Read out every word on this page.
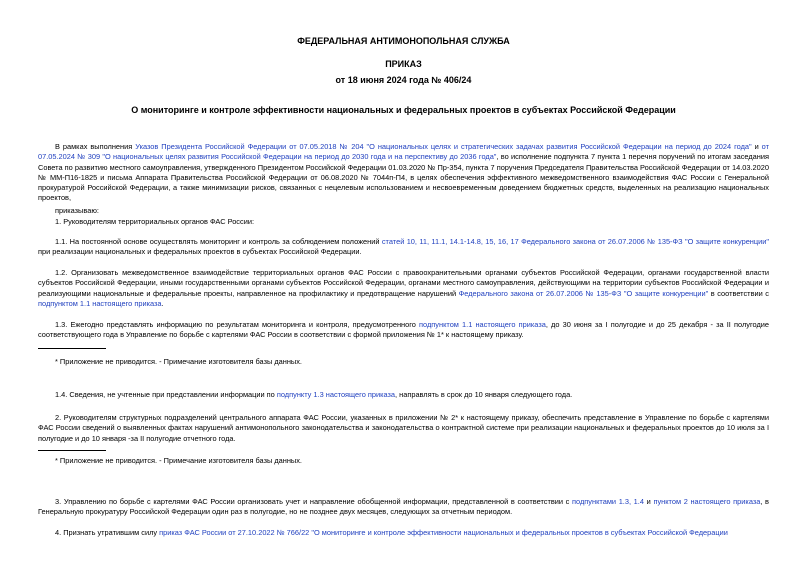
ФЕДЕРАЛЬНАЯ АНТИМОНОПОЛЬНАЯ СЛУЖБА
ПРИКАЗ
от 18 июня 2024 года № 406/24
О мониторинге и контроле эффективности национальных и федеральных проектов в субъектах Российской Федерации

В рамках выполнения Указов Президента Российской Федерации от 07.05.2018 № 204 "О национальных целях и стратегических задачах развития Российской Федерации на период до 2024 года" и от 07.05.2024 № 309 "О национальных целях развития Российской Федерации на период до 2030 года и на перспективу до 2036 года", во исполнение подпункта 7 пункта 1 перечня поручений по итогам заседания Совета по развитию местного самоуправления, утвержденного Президентом Российской Федерации 01.03.2020 № Пр-354, пункта 7 поручения Председателя Правительства Российской Федерации от 14.03.2020 № ММ-П16-1825 и письма Аппарата Правительства Российской Федерации от 06.08.2020 № 7044п-П4, в целях обеспечения эффективного межведомственного взаимодействия ФАС России с Генеральной прокуратурой Российской Федерации, а также минимизации рисков, связанных с нецелевым использованием и несвоевременным доведением бюджетных средств, выделенных на реализацию национальных проектов,

приказываю:

1. Руководителям территориальных органов ФАС России:

1.1. На постоянной основе осуществлять мониторинг и контроль за соблюдением положений статей 10, 11, 11.1, 14.1-14.8, 15, 16, 17 Федерального закона от 26.07.2006 № 135-ФЗ "О защите конкуренции" при реализации национальных и федеральных проектов в субъектах Российской Федерации.

1.2. Организовать межведомственное взаимодействие территориальных органов ФАС России с правоохранительными органами субъектов Российской Федерации, органами государственной власти субъектов Российской Федерации, иными государственными органами субъектов Российской Федерации, органами местного самоуправления, действующими на территории субъектов Российской Федерации и реализующими национальные и федеральные проекты, направленное на профилактику и предотвращение нарушений Федерального закона от 26.07.2006 № 135-ФЗ "О защите конкуренции" в соответствии с подпунктом 1.1 настоящего приказа.

1.3. Ежегодно представлять информацию по результатам мониторинга и контроля, предусмотренного подпунктом 1.1 настоящего приказа, до 30 июня за I полугодие и до 25 декабря - за II полугодие соответствующего года в Управление по борьбе с картелями ФАС России в соответствии с формой приложения № 1* к настоящему приказу.

* Приложение не приводится. - Примечание изготовителя базы данных.

1.4. Сведения, не учтенные при представлении информации по подпункту 1.3 настоящего приказа, направлять в срок до 10 января следующего года.

2. Руководителям структурных подразделений центрального аппарата ФАС России, указанных в приложении № 2* к настоящему приказу, обеспечить представление в Управление по борьбе с картелями ФАС России сведений о выявленных фактах нарушений антимонопольного законодательства и законодательства о контрактной системе при реализации национальных и федеральных проектов до 10 июля за I полугодие и до 10 января -за II полугодие отчетного года.

* Приложение не приводится. - Примечание изготовителя базы данных.

3. Управлению по борьбе с картелями ФАС России организовать учет и направление обобщенной информации, представленной в соответствии с подпунктами 1.3, 1.4 и пунктом 2 настоящего приказа, в Генеральную прокуратуру Российской Федерации один раз в полугодие, но не позднее двух месяцев, следующих за отчетным периодом.

4. Признать утратившим силу приказ ФАС России от 27.10.2022 № 766/22 "О мониторинге и контроле эффективности национальных и федеральных проектов в субъектах Российской Федерации
